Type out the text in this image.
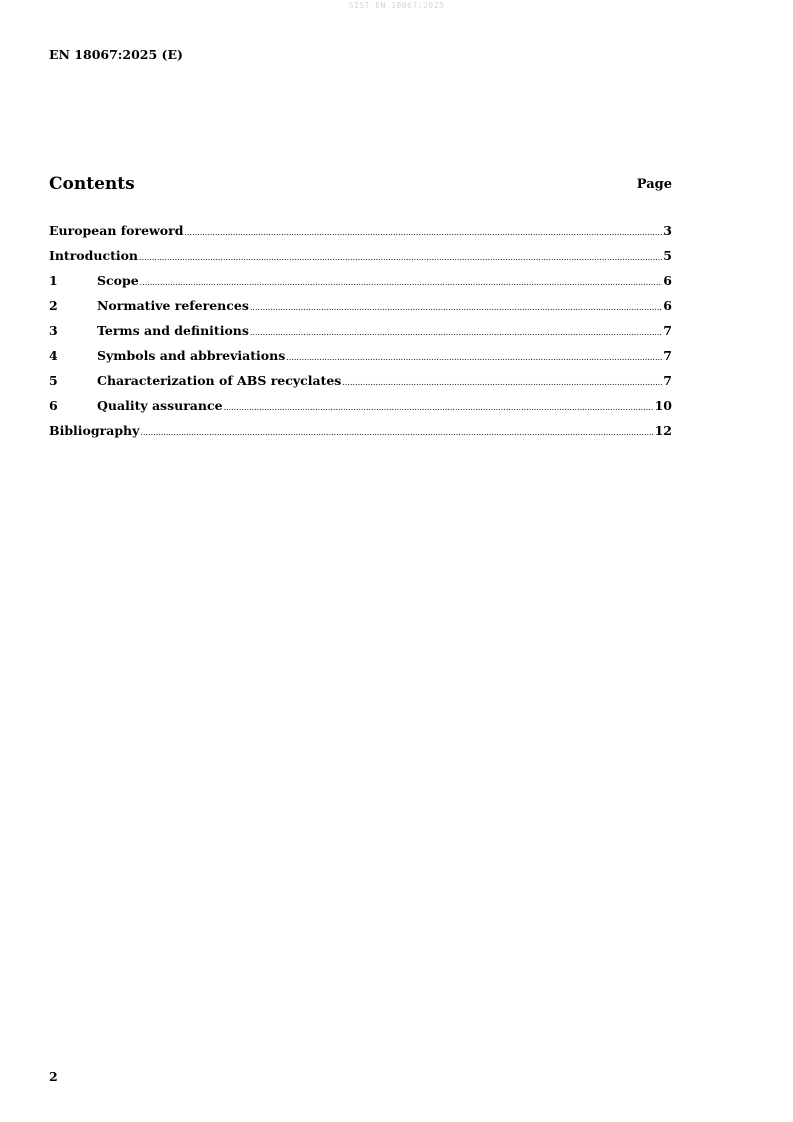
SIST EN 18067:2025
EN 18067:2025 (E)
Contents	Page
European foreword .....	3
Introduction .....	5
1	Scope .....	6
2	Normative references .....	6
3	Terms and definitions .....	7
4	Symbols and abbreviations .....	7
5	Characterization of ABS recyclates .....	7
6	Quality assurance .....	10
Bibliography .....	12
2
